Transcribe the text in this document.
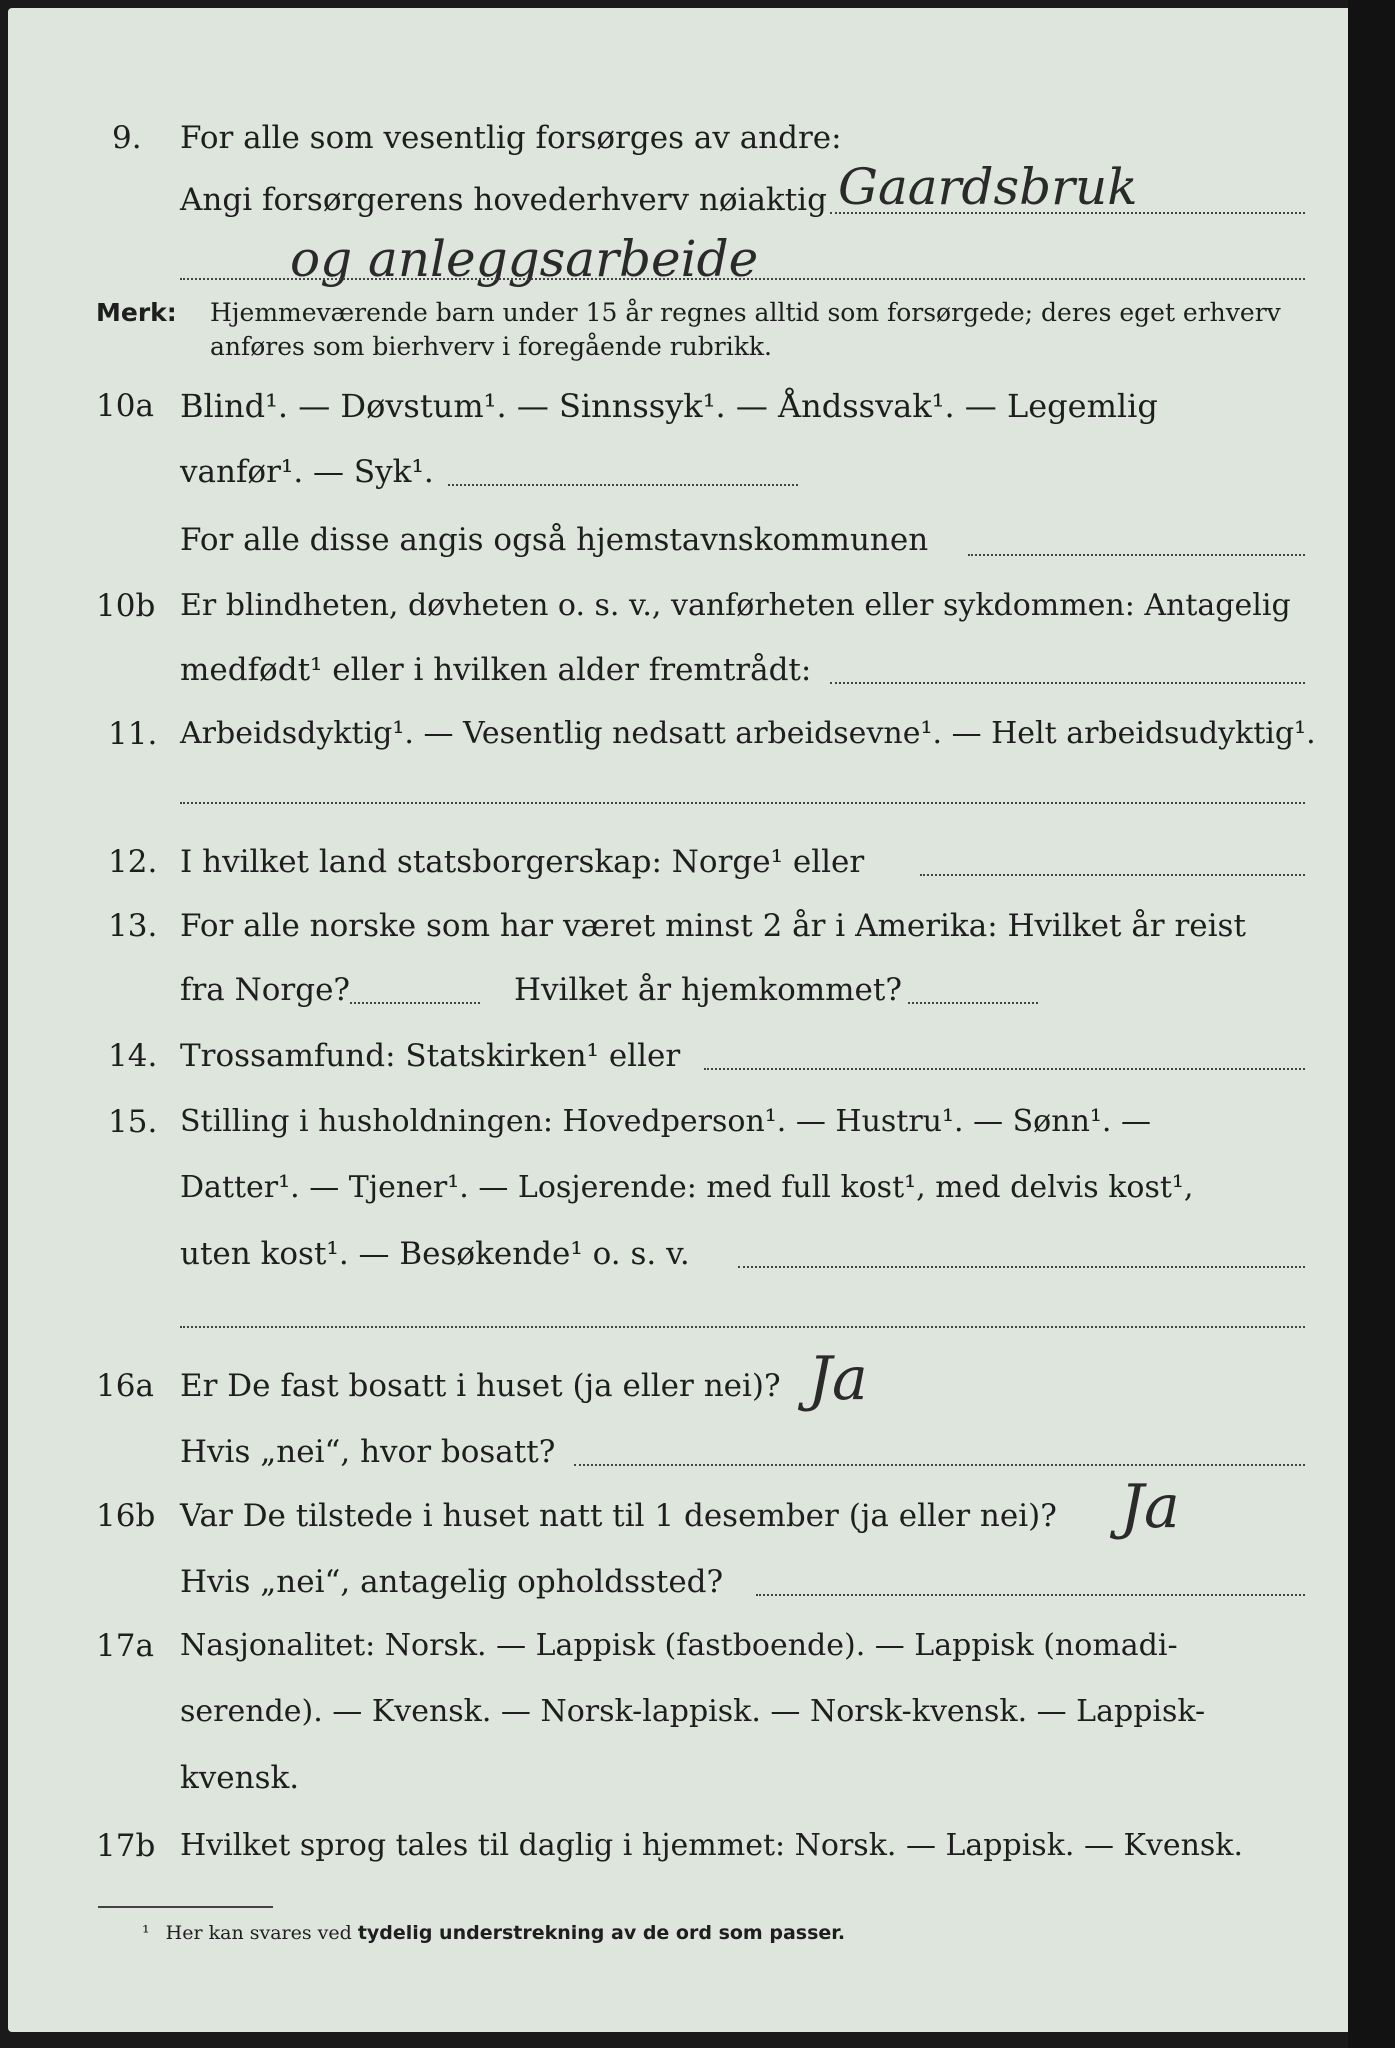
9. For alle som vesentlig forsørges av andre:
Angi forsørgerens hovederhverv nøiaktig Gaardsbruk
og anleggsarbeide
Merk: Hjemmeværende barn under 15 år regnes alltid som forsørgede; deres eget erhverv
anføres som bierhverv i foregående rubrikk.
10a Blind¹. — Døvstum¹. — Sinnssyk¹. — Åndssvak¹. — Legemlig
vanfør¹. — Syk¹.
For alle disse angis også hjemstavnskommunen
10b Er blindheten, døvheten o. s. v., vanførheten eller sykdommen: Antagelig
medfødt¹ eller i hvilken alder fremtrådt:
11. Arbeidsdyktig¹. — Vesentlig nedsatt arbeidsevne¹. — Helt arbeidsudyktig¹.
12. I hvilket land statsborgerskap: Norge¹ eller
13. For alle norske som har været minst 2 år i Amerika: Hvilket år reist
fra Norge?	Hvilket år hjemkommet?
14. Trossamfund: Statskirken¹ eller
15. Stilling i husholdningen: Hovedperson¹. — Hustru¹. — Sønn¹. —
Datter¹. — Tjener¹. — Losjerende: med full kost¹, med delvis kost¹,
uten kost¹. — Besøkende¹ o. s. v.
16a Er De fast bosatt i huset (ja eller nei)? Ja
Hvis „nei“, hvor bosatt?
16b Var De tilstede i huset natt til 1 desember (ja eller nei)? Ja
Hvis „nei“, antagelig opholdssted?
17a Nasjonalitet: Norsk. — Lappisk (fastboende). — Lappisk (nomadi-
serende). — Kvensk. — Norsk-lappisk. — Norsk-kvensk. — Lappisk-
kvensk.
17b Hvilket sprog tales til daglig i hjemmet: Norsk. — Lappisk. — Kvensk.
¹ Her kan svares ved tydelig understrekning av de ord som passer.
